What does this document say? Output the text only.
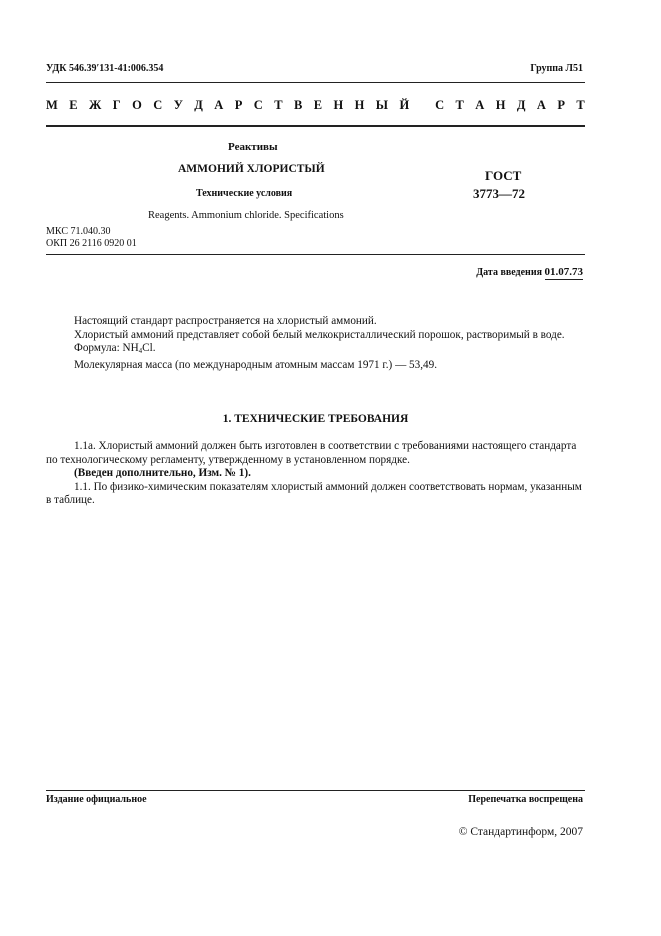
УДК 546.39′131-41:006.354	Группа Л51
М Е Ж Г О С У Д А Р С Т В Е Н Н Ы Й
С Т А Н Д А Р Т
Реактивы
АММОНИЙ ХЛОРИСТЫЙ
Технические условия
Reagents. Ammonium chloride. Specifications
ГОСТ
3773—72
МКС 71.040.30
ОКП 26 2116 0920 01
Дата введения 01.07.73
Настоящий стандарт распространяется на хлористый аммоний.
Хлористый аммоний представляет собой белый мелкокристаллический порошок, растворимый в воде.
Формула: $NH_4Cl$.
Молекулярная масса (по международным атомным массам 1971 г.) — 53,49.
1. ТЕХНИЧЕСКИЕ ТРЕБОВАНИЯ
1.1a. Хлористый аммоний должен быть изготовлен в соответствии с требованиями настоящего стандарта по технологическому регламенту, утвержденному в установленном порядке.
(Введен дополнительно, Изм. № 1).
1.1. По физико-химическим показателям хлористый аммоний должен соответствовать нормам, указанным в таблице.
Издание официальное	Перепечатка воспрещена
© Стандартинформ, 2007
